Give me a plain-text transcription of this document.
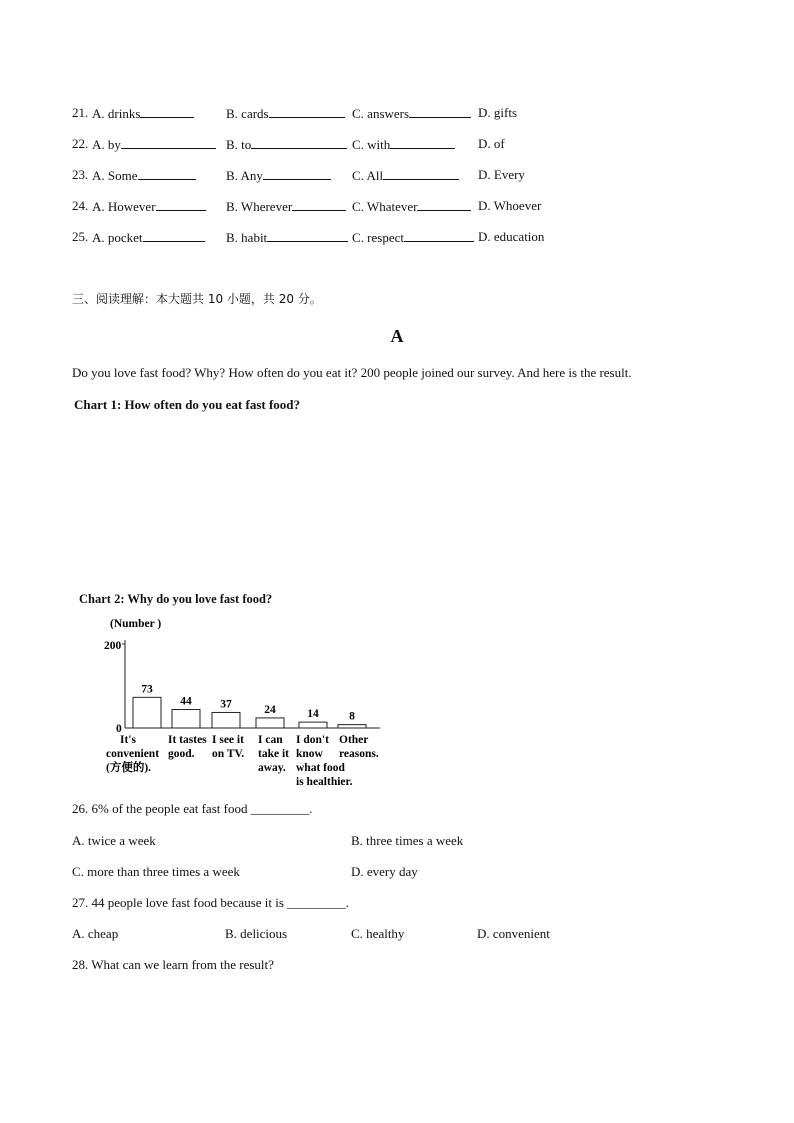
21. A. drinks	B. cards	C. answers	D. gifts
22. A. by	B. to	C. with	D. of
23. A. Some	B. Any	C. All	D. Every
24. A. However	B. Wherever	C. Whatever	D. Whoever
25. A. pocket	B. habit	C. respect	D. education
三、阅读理解：本大题共 10 小题，共 20 分。
A
Do you love fast food? Why? How often do you eat it? 200 people joined our survey. And here is the result.
Chart 1: How often do you eat fast food?
Chart 2: Why do you love fast food?
(Number )
200
0
73
It's
convenient
(方便的).
44
It tastes
good.
37
I see it
on TV.
24
I can
take it
away.
14
I don't
know
what food
is healthier.
8
Other
reasons.
26. 6% of the people eat fast food _________.
A. twice a week	B. three times a week
C. more than three times a week	D. every day
27. 44 people love fast food because it is _________.
A. cheap	B. delicious	C. healthy	D. convenient
28. What can we learn from the result?
